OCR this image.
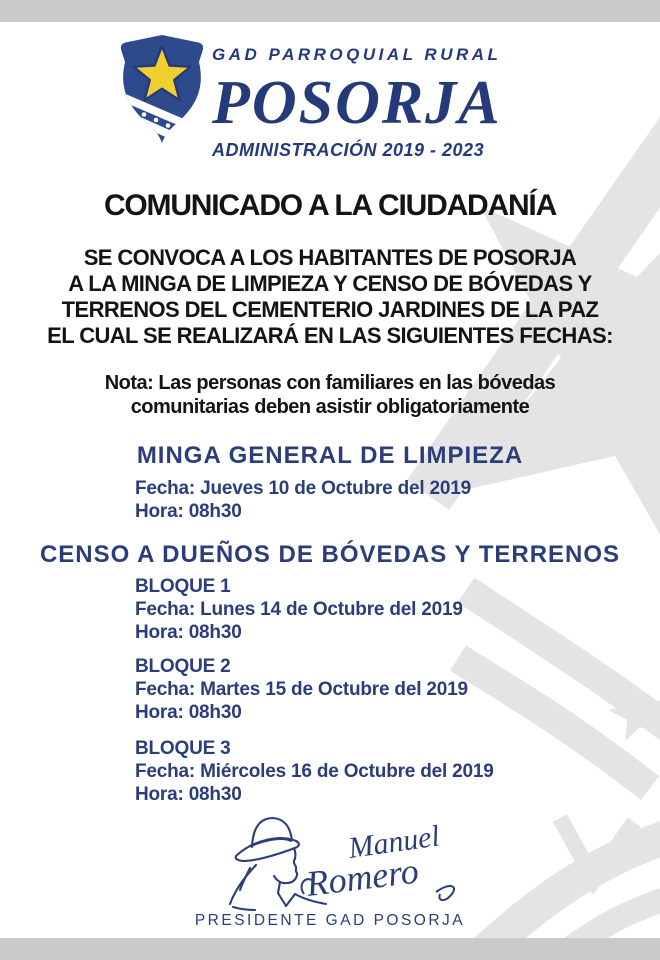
GAD PARROQUIAL RURAL
POSORJA
ADMINISTRACIÓN 2019 - 2023
COMUNICADO A LA CIUDADANÍA
SE CONVOCA A LOS HABITANTES DE POSORJA
A LA MINGA DE LIMPIEZA Y CENSO DE BÓVEDAS Y
TERRENOS DEL CEMENTERIO JARDINES DE LA PAZ
EL CUAL SE REALIZARÁ EN LAS SIGUIENTES FECHAS:
Nota: Las personas con familiares en las bóvedas
comunitarias deben asistir obligatoriamente
MINGA GENERAL DE LIMPIEZA
Fecha: Jueves 10 de Octubre del 2019
Hora: 08h30
CENSO A DUEÑOS DE BÓVEDAS Y TERRENOS
BLOQUE 1
Fecha: Lunes 14 de Octubre del 2019
Hora: 08h30
BLOQUE 2
Fecha: Martes 15 de Octubre del 2019
Hora: 08h30
BLOQUE 3
Fecha: Miércoles 16 de Octubre del 2019
Hora: 08h30
Manuel
Romero
PRESIDENTE GAD POSORJA
